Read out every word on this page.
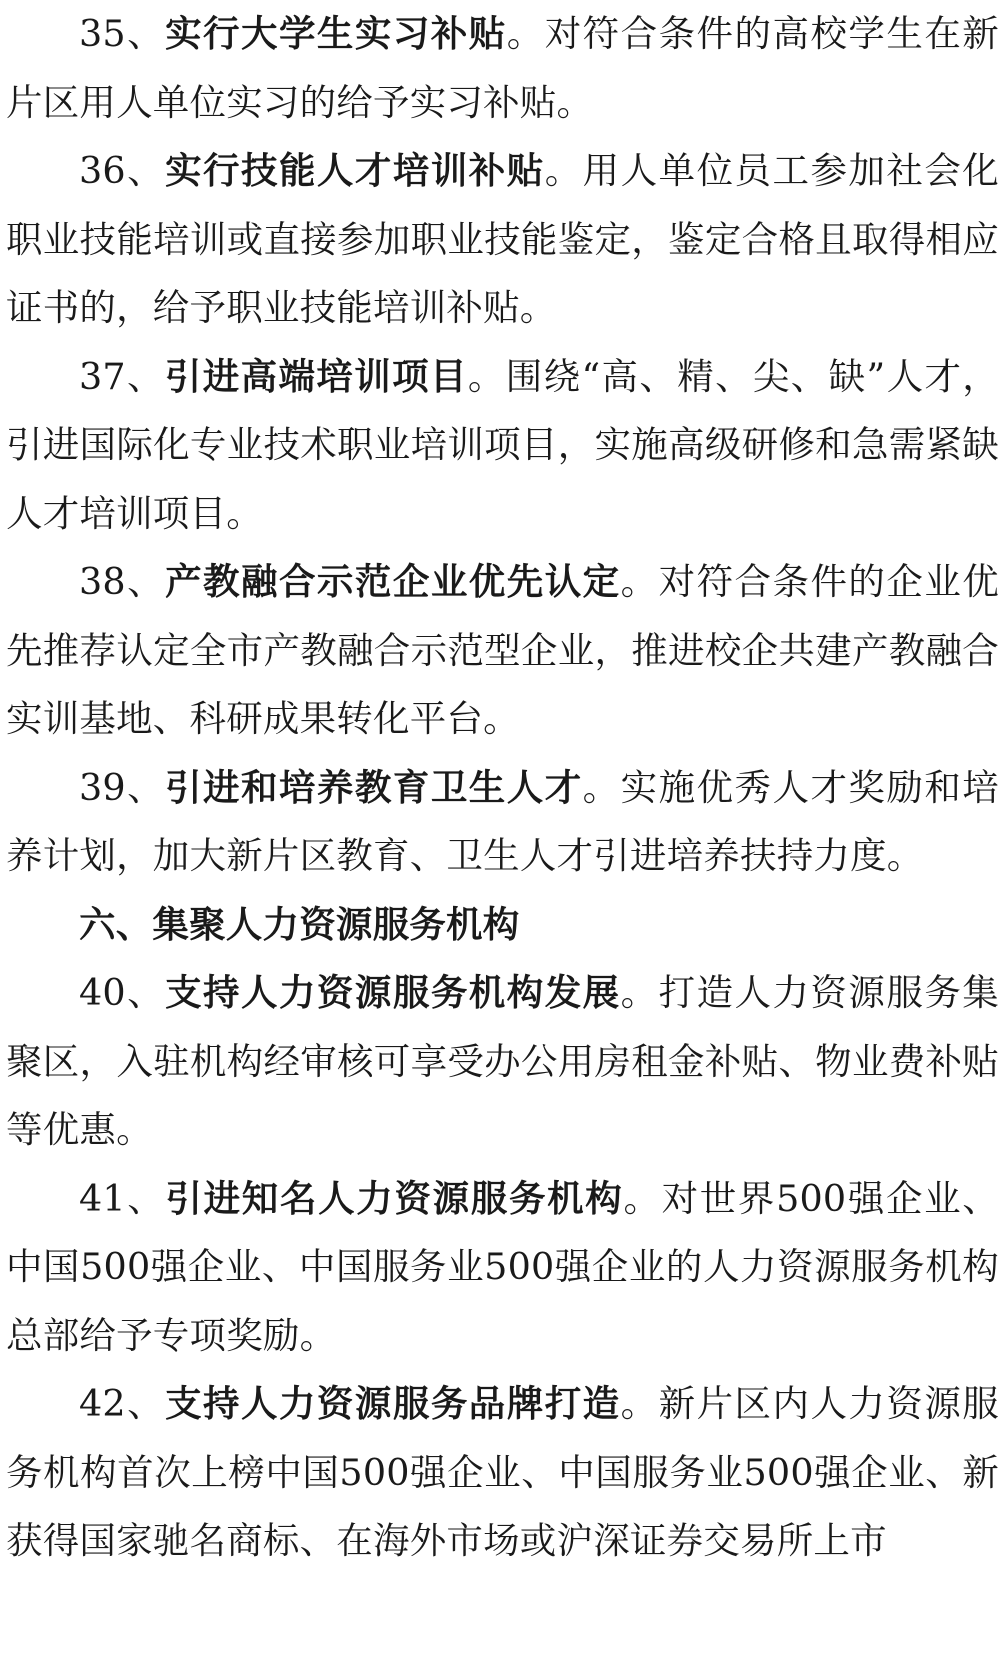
35、实行大学生实习补贴。对符合条件的高校学生在新片区用人单位实习的给予实习补贴。

36、实行技能人才培训补贴。用人单位员工参加社会化职业技能培训或直接参加职业技能鉴定，鉴定合格且取得相应证书的，给予职业技能培训补贴。

37、引进高端培训项目。围绕“高、精、尖、缺”人才，引进国际化专业技术职业培训项目，实施高级研修和急需紧缺人才培训项目。

38、产教融合示范企业优先认定。对符合条件的企业优先推荐认定全市产教融合示范型企业，推进校企共建产教融合实训基地、科研成果转化平台。

39、引进和培养教育卫生人才。实施优秀人才奖励和培养计划，加大新片区教育、卫生人才引进培养扶持力度。

六、集聚人力资源服务机构

40、支持人力资源服务机构发展。打造人力资源服务集聚区，入驻机构经审核可享受办公用房租金补贴、物业费补贴等优惠。

41、引进知名人力资源服务机构。对世界500强企业、中国500强企业、中国服务业500强企业的人力资源服务机构总部给予专项奖励。

42、支持人力资源服务品牌打造。新片区内人力资源服务机构首次上榜中国500强企业、中国服务业500强企业、新获得国家驰名商标、在海外市场或沪深证券交易所上市
